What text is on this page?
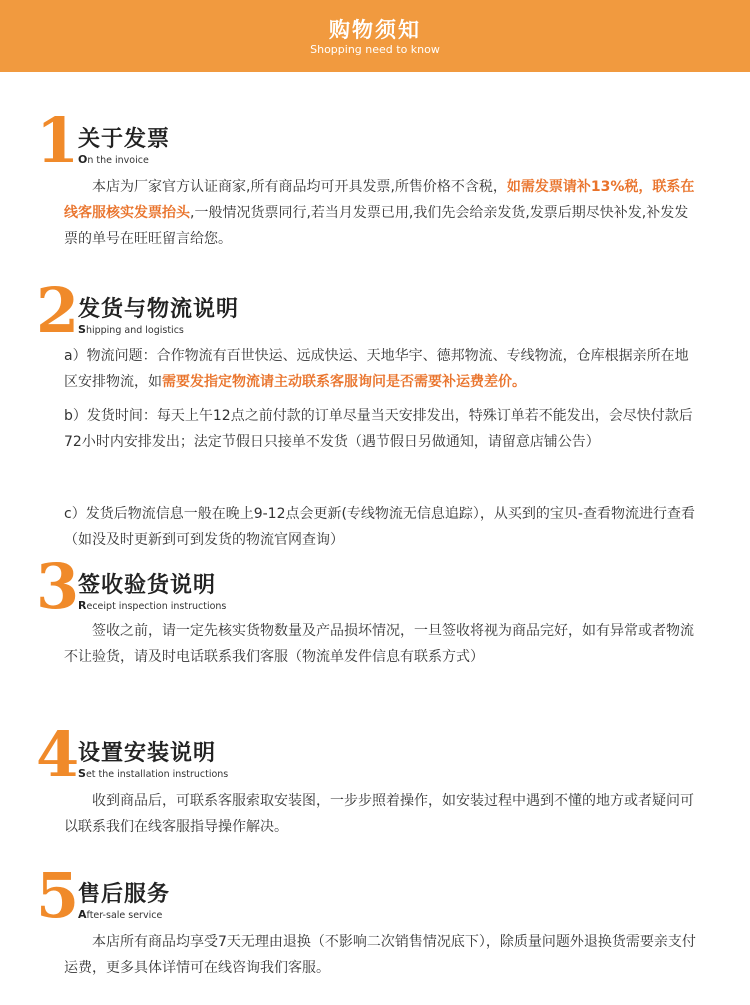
购物须知
Shopping need to know
1
关于发票
On the invoice
　　本店为厂家官方认证商家,所有商品均可开具发票,所售价格不含税，如需发票请补13%税，联系在线客服核实发票抬头,一般情况货票同行,若当月发票已用,我们先会给亲发货,发票后期尽快补发,补发发票的单号在旺旺留言给您。
2
发货与物流说明
Shipping and logistics
a）物流问题：合作物流有百世快运、远成快运、天地华宇、德邦物流、专线物流，仓库根据亲所在地区安排物流，如需要发指定物流请主动联系客服询问是否需要补运费差价。
b）发货时间：每天上午12点之前付款的订单尽量当天安排发出，特殊订单若不能发出，会尽快付款后72小时内安排发出；法定节假日只接单不发货（遇节假日另做通知，请留意店铺公告）
c）发货后物流信息一般在晚上9-12点会更新(专线物流无信息追踪），从买到的宝贝-查看物流进行查看（如没及时更新到可到发货的物流官网查询）
3
签收验货说明
Receipt inspection instructions
　　签收之前，请一定先核实货物数量及产品损坏情况，一旦签收将视为商品完好，如有异常或者物流不让验货，请及时电话联系我们客服（物流单发件信息有联系方式）
4
设置安装说明
Set the installation instructions
　　收到商品后，可联系客服索取安装图，一步步照着操作，如安装过程中遇到不懂的地方或者疑问可以联系我们在线客服指导操作解决。
5
售后服务
After-sale service
　　本店所有商品均享受7天无理由退换（不影响二次销售情况底下），除质量问题外退换货需要亲支付运费，更多具体详情可在线咨询我们客服。
